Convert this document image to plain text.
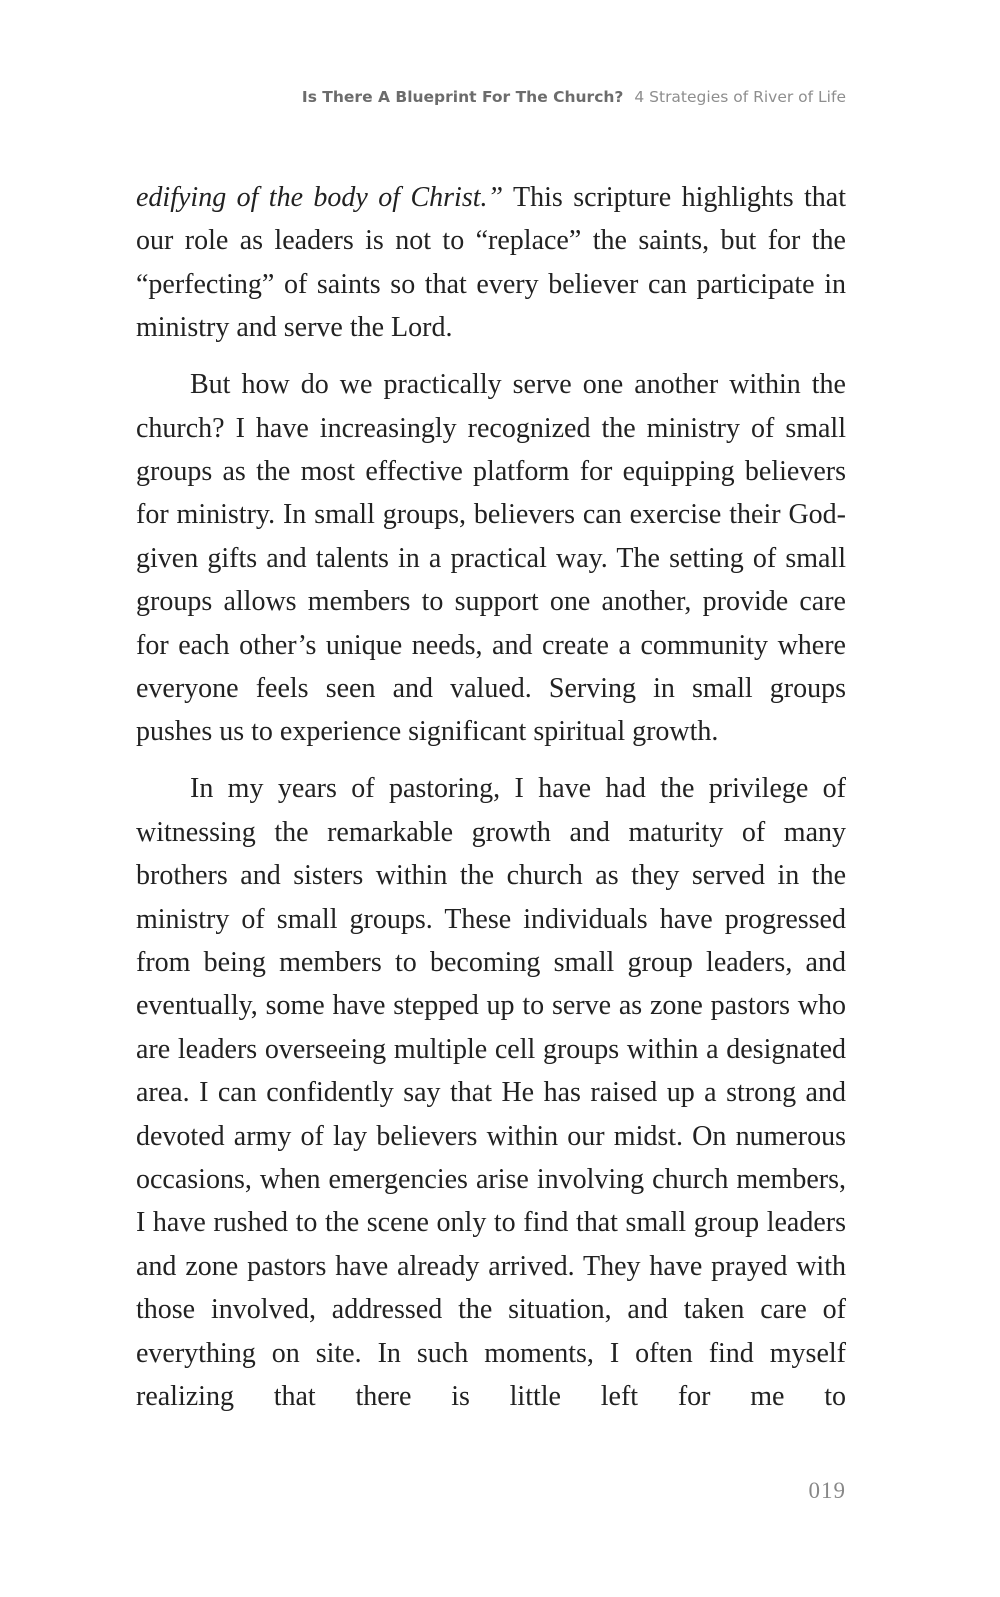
Is There A Blueprint For The Church? 4 Strategies of River of Life

edifying of the body of Christ.” This scripture highlights that our role as leaders is not to “replace” the saints, but for the “perfecting” of saints so that every believer can participate in ministry and serve the Lord.

But how do we practically serve one another within the church? I have increasingly recognized the ministry of small groups as the most effective platform for equipping believers for ministry. In small groups, believers can exercise their God-given gifts and talents in a practical way. The setting of small groups allows members to support one another, provide care for each other’s unique needs, and create a community where everyone feels seen and valued. Serving in small groups pushes us to experience significant spiritual growth.

In my years of pastoring, I have had the privilege of witnessing the remarkable growth and maturity of many brothers and sisters within the church as they served in the ministry of small groups. These individuals have progressed from being members to becoming small group leaders, and eventually, some have stepped up to serve as zone pastors who are leaders overseeing multiple cell groups within a designated area. I can confidently say that He has raised up a strong and devoted army of lay believers within our midst. On numerous occasions, when emergencies arise involving church members, I have rushed to the scene only to find that small group leaders and zone pastors have already arrived. They have prayed with those involved, addressed the situation, and taken care of everything on site. In such moments, I often find myself realizing that there is little left for me to

019
